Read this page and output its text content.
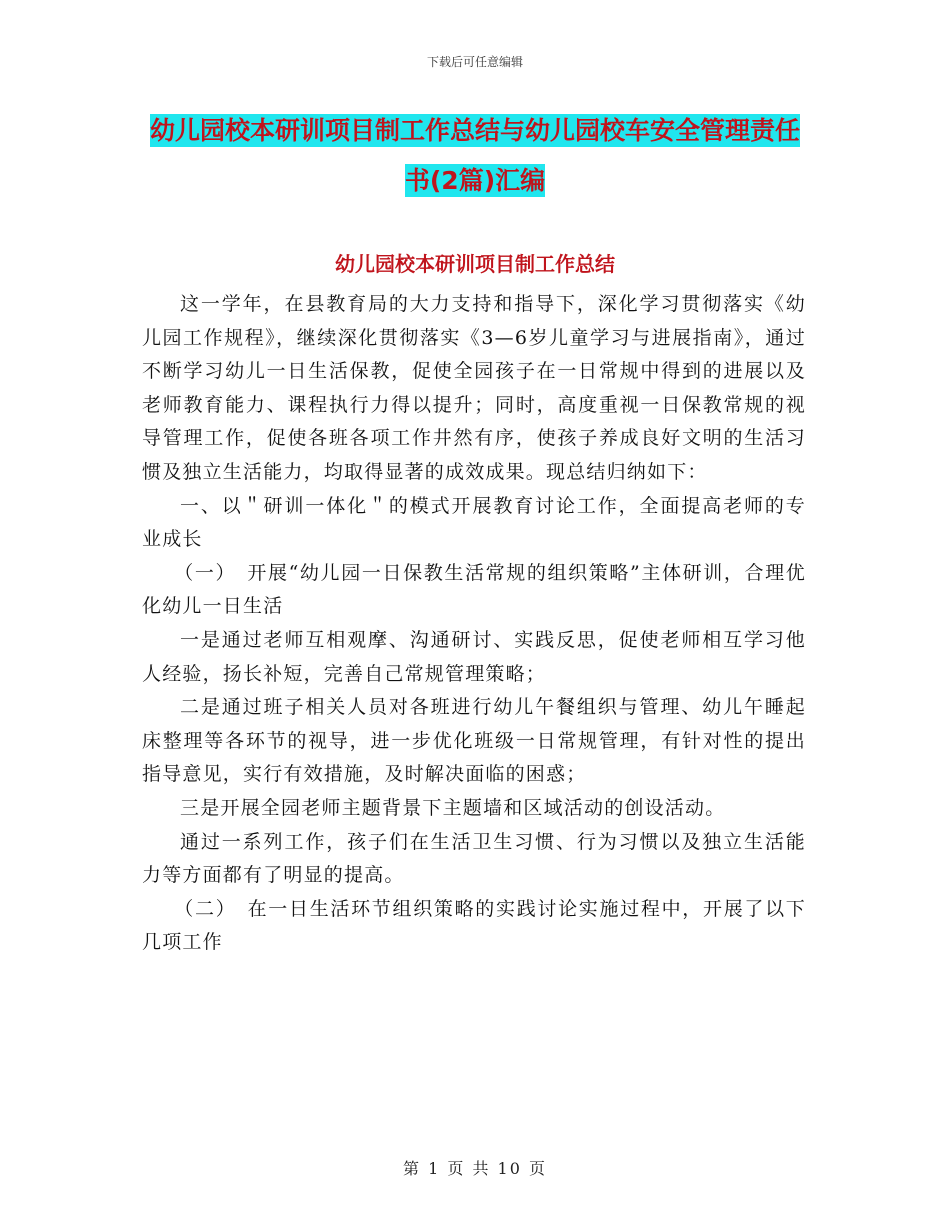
下载后可任意编辑
幼儿园校本研训项目制工作总结与幼儿园校车安全管理责任书(2篇)汇编
幼儿园校本研训项目制工作总结

这一学年，在县教育局的大力支持和指导下，深化学习贯彻落实《幼儿园工作规程》，继续深化贯彻落实《3—6岁儿童学习与进展指南》，通过不断学习幼儿一日生活保教，促使全园孩子在一日常规中得到的进展以及老师教育能力、课程执行力得以提升；同时，高度重视一日保教常规的视导管理工作，促使各班各项工作井然有序，使孩子养成良好文明的生活习惯及独立生活能力，均取得显著的成效成果。现总结归纳如下：

一、以＂研训一体化＂的模式开展教育讨论工作，全面提高老师的专业成长

（一）　开展“幼儿园一日保教生活常规的组织策略”主体研训，合理优化幼儿一日生活

一是通过老师互相观摩、沟通研讨、实践反思，促使老师相互学习他人经验，扬长补短，完善自己常规管理策略；

二是通过班子相关人员对各班进行幼儿午餐组织与管理、幼儿午睡起床整理等各环节的视导，进一步优化班级一日常规管理，有针对性的提出指导意见，实行有效措施，及时解决面临的困惑；

三是开展全园老师主题背景下主题墙和区域活动的创设活动。

通过一系列工作，孩子们在生活卫生习惯、行为习惯以及独立生活能力等方面都有了明显的提高。

（二）　在一日生活环节组织策略的实践讨论实施过程中，开展了以下几项工作

第 1 页 共 10 页
